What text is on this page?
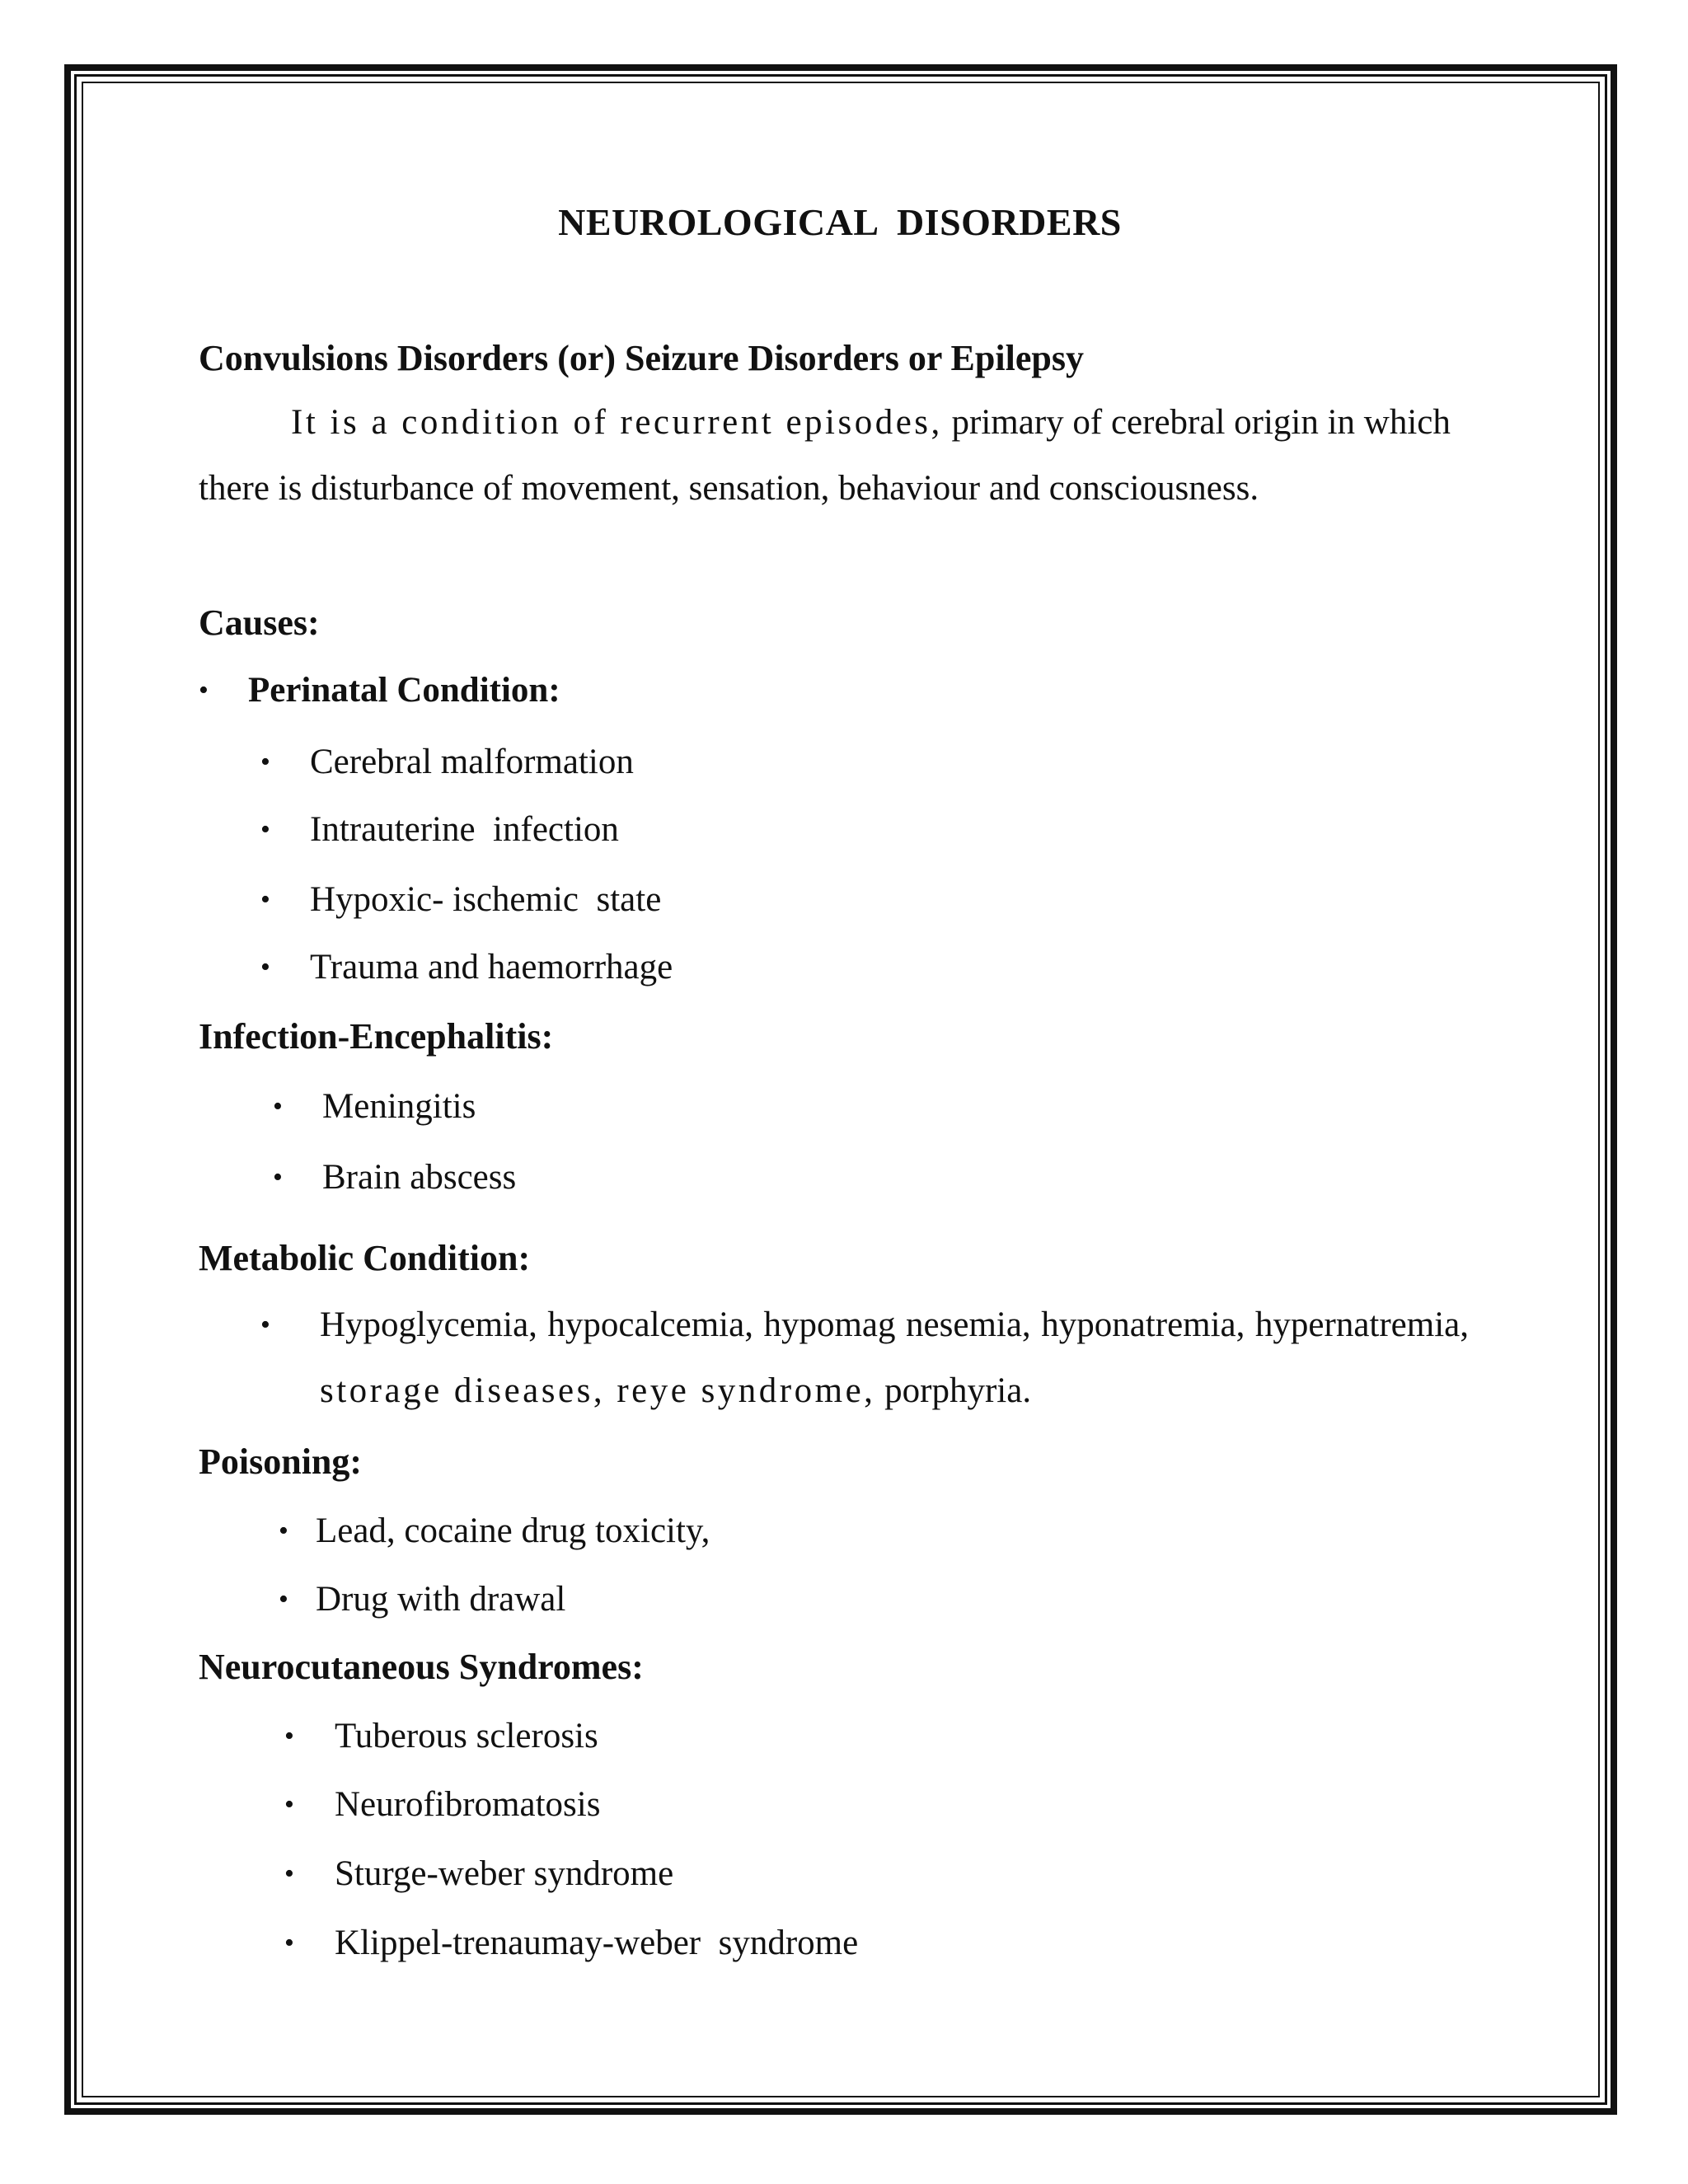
NEUROLOGICAL  DISORDERS
Convulsions Disorders (or) Seizure Disorders or Epilepsy
It is a condition of recurrent episodes, primary of cerebral origin in which there is disturbance of movement, sensation, behaviour and consciousness.
Causes:
• Perinatal Condition:
• Cerebral malformation
• Intrauterine  infection
• Hypoxic- ischemic  state
• Trauma and haemorrhage
Infection-Encephalitis:
• Meningitis
• Brain abscess
Metabolic Condition:
• Hypoglycemia, hypocalcemia, hypomag nesemia, hyponatremia, hypernatremia, storage diseases, reye syndrome, porphyria.
Poisoning:
• Lead, cocaine drug toxicity,
• Drug with drawal
Neurocutaneous Syndromes:
• Tuberous sclerosis
• Neurofibromatosis
• Sturge-weber syndrome
• Klippel-trenaumay-weber  syndrome
